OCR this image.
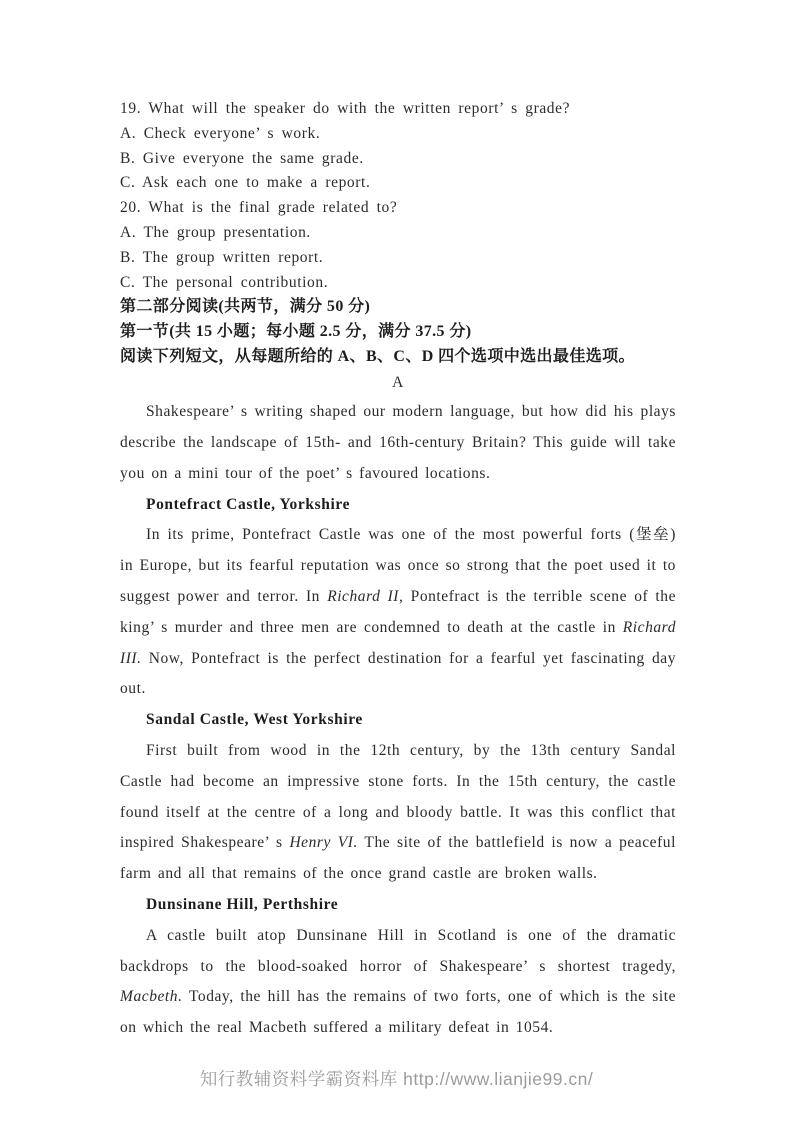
19. What will the speaker do with the written report’ s grade?
A. Check everyone’ s work.
B. Give everyone the same grade.
C. Ask each one to make a report.
20. What is the final grade related to?
A. The group presentation.
B. The group written report.
C. The personal contribution.
第二部分阅读(共两节，满分 50 分)
第一节(共 15 小题；每小题 2.5 分，满分 37.5 分)
阅读下列短文，从每题所给的 A、B、C、D 四个选项中选出最佳选项。
A

Shakespeare’ s writing shaped our modern language, but how did his plays describe the landscape of 15th- and 16th-century Britain? This guide will take you on a mini tour of the poet’ s favoured locations.

Pontefract Castle, Yorkshire

In its prime, Pontefract Castle was one of the most powerful forts (堡垒) in Europe, but its fearful reputation was once so strong that the poet used it to suggest power and terror. In Richard II, Pontefract is the terrible scene of the king’ s murder and three men are condemned to death at the castle in Richard III. Now, Pontefract is the perfect destination for a fearful yet fascinating day out.

Sandal Castle, West Yorkshire

First built from wood in the 12th century, by the 13th century Sandal Castle had become an impressive stone forts. In the 15th century, the castle found itself at the centre of a long and bloody battle. It was this conflict that inspired Shakespeare’ s Henry VI. The site of the battlefield is now a peaceful farm and all that remains of the once grand castle are broken walls.

Dunsinane Hill, Perthshire

A castle built atop Dunsinane Hill in Scotland is one of the dramatic backdrops to the blood-soaked horror of Shakespeare’ s shortest tragedy, Macbeth. Today, the hill has the remains of two forts, one of which is the site on which the real Macbeth suffered a military defeat in 1054.

知行教辅资料学霸资料库 http://www.lianjie99.cn/
